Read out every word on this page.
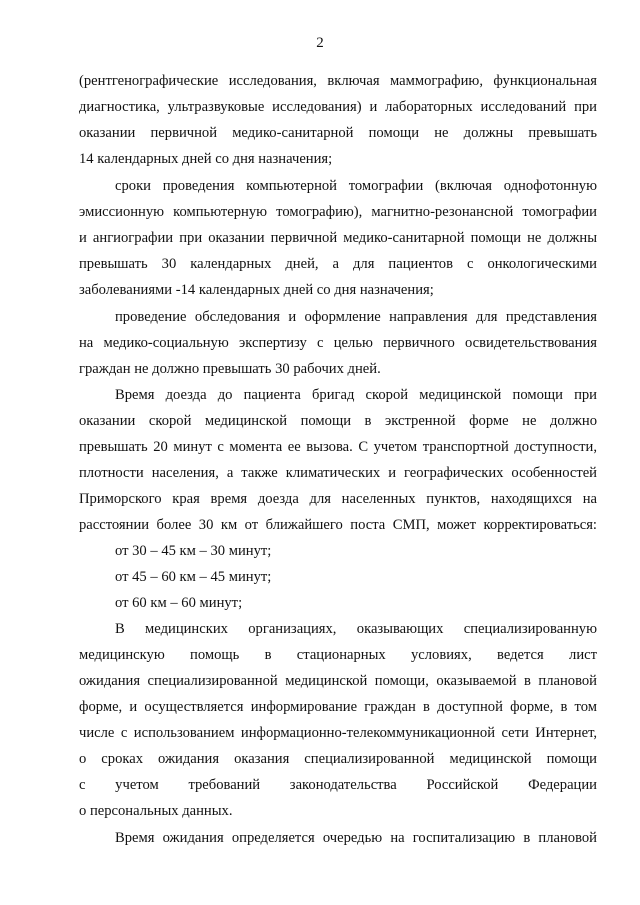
2
(рентгенографические исследования, включая маммографию, функциональная
диагностика, ультразвуковые исследования) и лабораторных исследований при
оказании первичной медико-санитарной помощи не должны превышать
14 календарных дней со дня назначения;
сроки проведения компьютерной томографии (включая однофотонную
эмиссионную компьютерную томографию), магнитно-резонансной томографии
и ангиографии при оказании первичной медико-санитарной помощи не должны
превышать 30 календарных дней, а для пациентов с онкологическими
заболеваниями -14 календарных дней со дня назначения;
проведение обследования и оформление направления для представления
на медико-социальную экспертизу с целью первичного освидетельствования
граждан не должно превышать 30 рабочих дней.
Время доезда до пациента бригад скорой медицинской помощи при
оказании скорой медицинской помощи в экстренной форме не должно
превышать 20 минут с момента ее вызова. С учетом транспортной доступности,
плотности населения, а также климатических и географических особенностей
Приморского края время доезда для населенных пунктов, находящихся на
расстоянии более 30 км от ближайшего поста СМП, может корректироваться:
от 30 – 45 км – 30 минут;
от 45 – 60 км – 45 минут;
от 60 км – 60 минут;
В медицинских организациях, оказывающих специализированную
медицинскую помощь в стационарных условиях, ведется лист
ожидания специализированной медицинской помощи, оказываемой в плановой
форме, и осуществляется информирование граждан в доступной форме, в том
числе с использованием информационно-телекоммуникационной сети Интернет,
о сроках ожидания оказания специализированной медицинской помощи
с учетом требований законодательства Российской Федерации
о персональных данных.
Время ожидания определяется очередью на госпитализацию в плановой
